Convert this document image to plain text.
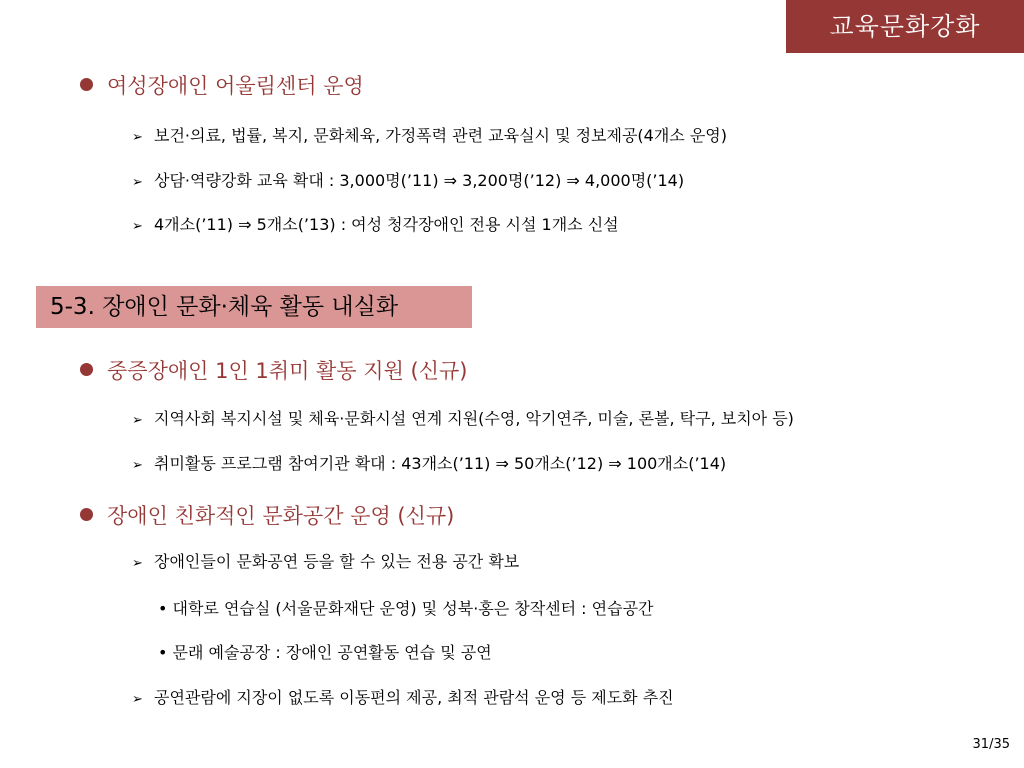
교육문화강화
여성장애인 어울림센터 운영
➢ 보건·의료, 법률, 복지, 문화체육, 가정폭력 관련 교육실시 및 정보제공(4개소 운영)
➢ 상담·역량강화 교육 확대 : 3,000명(’11) ⇒ 3,200명(’12) ⇒ 4,000명(’14)
➢ 4개소(’11) ⇒ 5개소(’13) : 여성 청각장애인 전용 시설 1개소 신설
5-3. 장애인 문화·체육 활동 내실화
중증장애인 1인 1취미 활동 지원 (신규)
➢ 지역사회 복지시설 및 체육·문화시설 연계 지원(수영, 악기연주, 미술, 론볼, 탁구, 보치아 등)
➢ 취미활동 프로그램 참여기관 확대 : 43개소(’11) ⇒ 50개소(’12) ⇒ 100개소(’14)
장애인 친화적인 문화공간 운영 (신규)
➢ 장애인들이 문화공연 등을 할 수 있는 전용 공간 확보
• 대학로 연습실 (서울문화재단 운영) 및 성북·홍은 창작센터 : 연습공간
• 문래 예술공장 : 장애인 공연활동 연습 및 공연
➢ 공연관람에 지장이 없도록 이동편의 제공, 최적 관람석 운영 등 제도화 추진
31/35
